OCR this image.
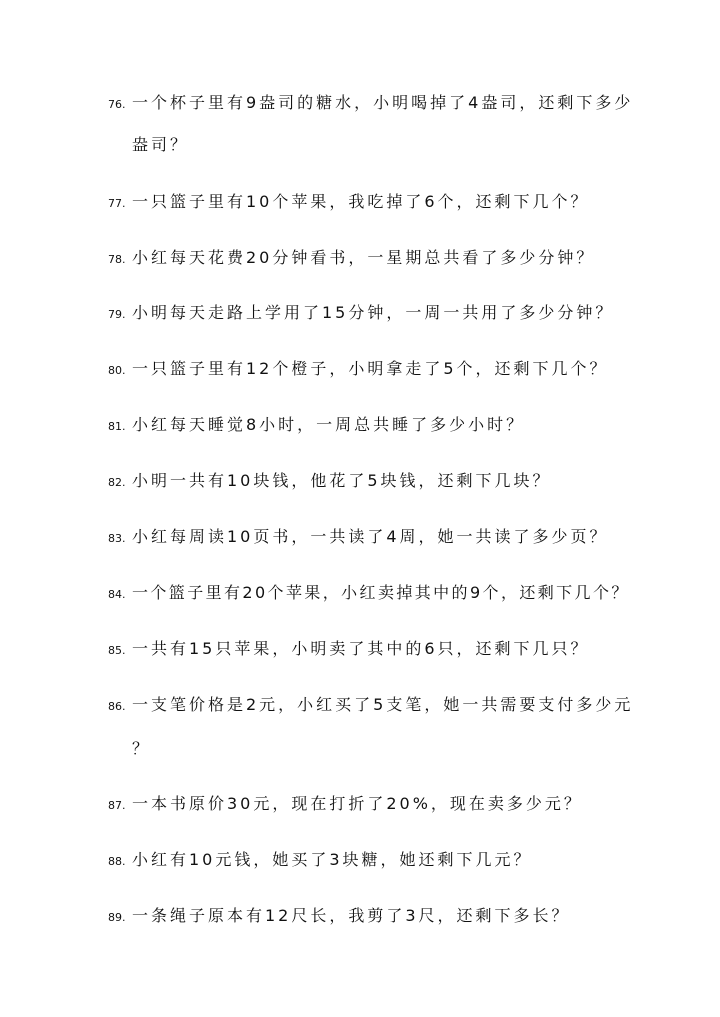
76. 一个杯子里有9盎司的糖水，小明喝掉了4盎司，还剩下多少
盎司？
77. 一只篮子里有10个苹果，我吃掉了6个，还剩下几个？
78. 小红每天花费20分钟看书，一星期总共看了多少分钟？
79. 小明每天走路上学用了15分钟，一周一共用了多少分钟？
80. 一只篮子里有12个橙子，小明拿走了5个，还剩下几个？
81. 小红每天睡觉8小时，一周总共睡了多少小时？
82. 小明一共有10块钱，他花了5块钱，还剩下几块？
83. 小红每周读10页书，一共读了4周，她一共读了多少页？
84. 一个篮子里有20个苹果，小红卖掉其中的9个，还剩下几个？
85. 一共有15只苹果，小明卖了其中的6只，还剩下几只？
86. 一支笔价格是2元，小红买了5支笔，她一共需要支付多少元
？
87. 一本书原价30元，现在打折了20%，现在卖多少元？
88. 小红有10元钱，她买了3块糖，她还剩下几元？
89. 一条绳子原本有12尺长，我剪了3尺，还剩下多长？
